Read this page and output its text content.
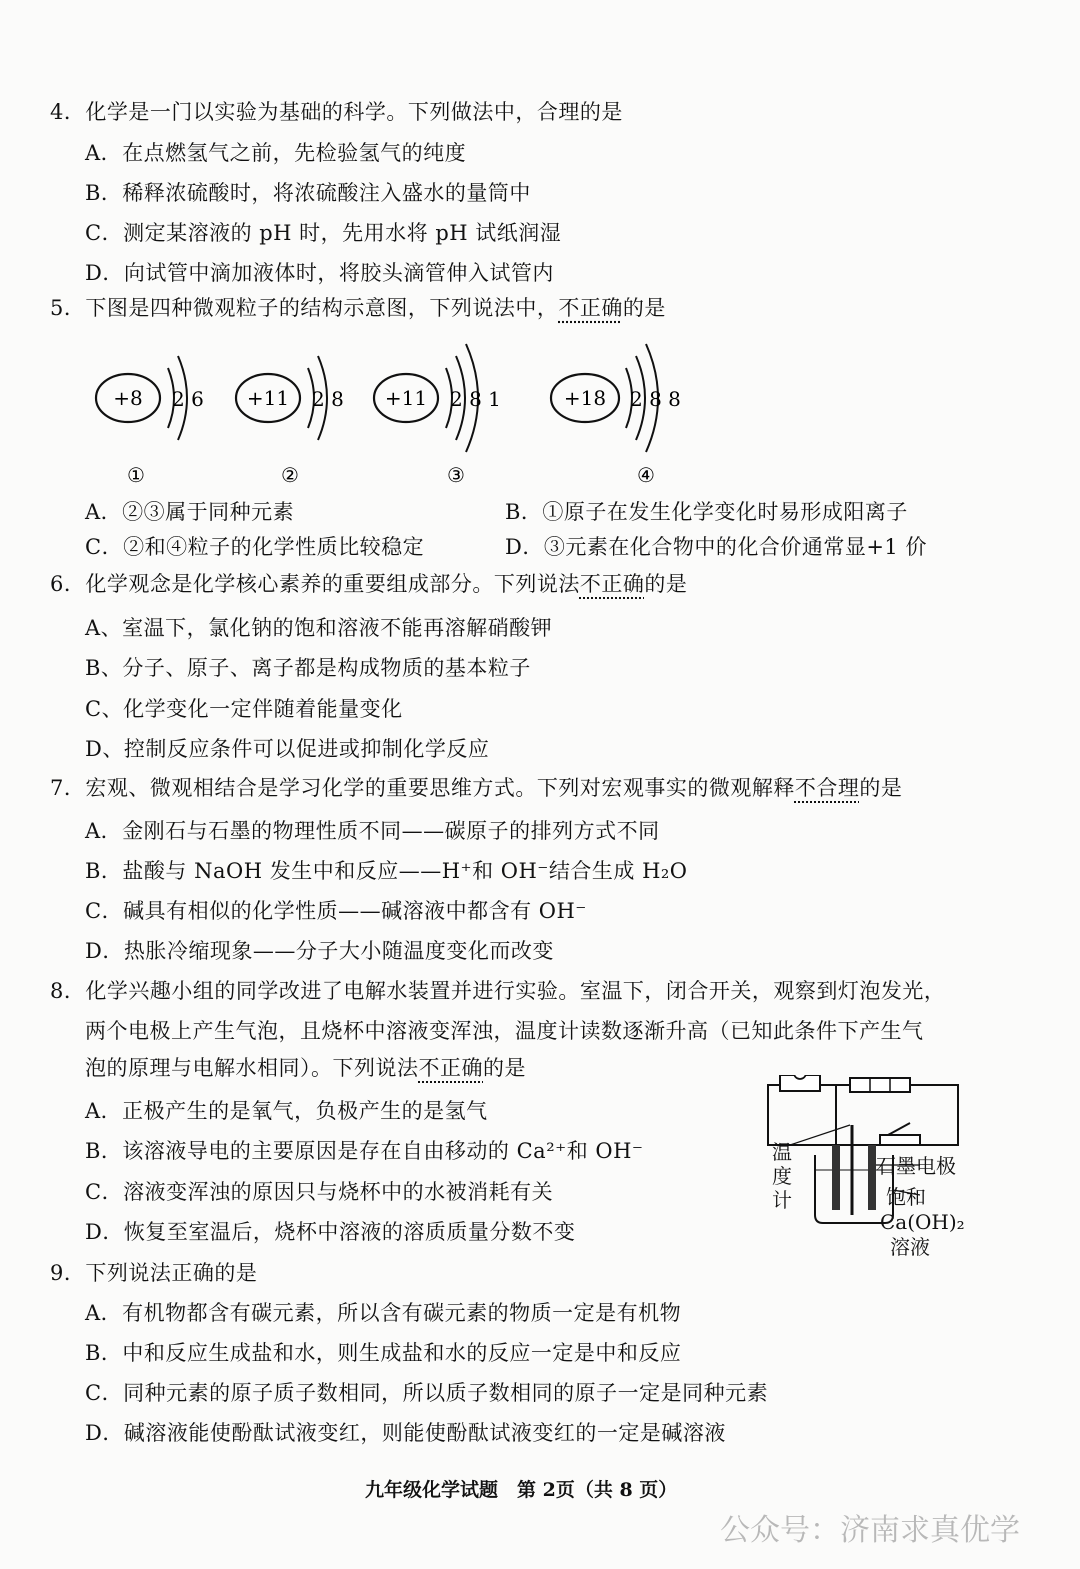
4．化学是一门以实验为基础的科学。下列做法中，合理的是
A．在点燃氢气之前，先检验氢气的纯度
B．稀释浓硫酸时，将浓硫酸注入盛水的量筒中
C．测定某溶液的 pH 时，先用水将 pH 试纸润湿
D．向试管中滴加液体时，将胶头滴管伸入试管内
5．下图是四种微观粒子的结构示意图，下列说法中，不正确的是
+8 2 6
①
+11 2 8
②
+11 2 8 1
③
+18 2 8 8
④
A．②③属于同种元素	B．①原子在发生化学变化时易形成阳离子
C．②和④粒子的化学性质比较稳定	D．③元素在化合物中的化合价通常显+1 价
6．化学观念是化学核心素养的重要组成部分。下列说法不正确的是
A、室温下，氯化钠的饱和溶液不能再溶解硝酸钾
B、分子、原子、离子都是构成物质的基本粒子
C、化学变化一定伴随着能量变化
D、控制反应条件可以促进或抑制化学反应
7．宏观、微观相结合是学习化学的重要思维方式。下列对宏观事实的微观解释不合理的是
A．金刚石与石墨的物理性质不同——碳原子的排列方式不同
B．盐酸与 NaOH 发生中和反应——H⁺和 OH⁻结合生成 H₂O
C．碱具有相似的化学性质——碱溶液中都含有 OH⁻
D．热胀冷缩现象——分子大小随温度变化而改变
8．化学兴趣小组的同学改进了电解水装置并进行实验。室温下，闭合开关，观察到灯泡发光，
两个电极上产生气泡，且烧杯中溶液变浑浊，温度计读数逐渐升高（已知此条件下产生气
泡的原理与电解水相同）。下列说法不正确的是
A．正极产生的是氧气，负极产生的是氢气
B．该溶液导电的主要原因是存在自由移动的 Ca²⁺和 OH⁻
C．溶液变浑浊的原因只与烧杯中的水被消耗有关
D．恢复至室温后，烧杯中溶液的溶质质量分数不变
温
度
计
石墨电极
饱和
Ca(OH)₂
溶液
9．下列说法正确的是
A．有机物都含有碳元素，所以含有碳元素的物质一定是有机物
B．中和反应生成盐和水，则生成盐和水的反应一定是中和反应
C．同种元素的原子质子数相同，所以质子数相同的原子一定是同种元素
D．碱溶液能使酚酞试液变红，则能使酚酞试液变红的一定是碱溶液
九年级化学试题　第 2页（共 8 页）
公众号：济南求真优学
